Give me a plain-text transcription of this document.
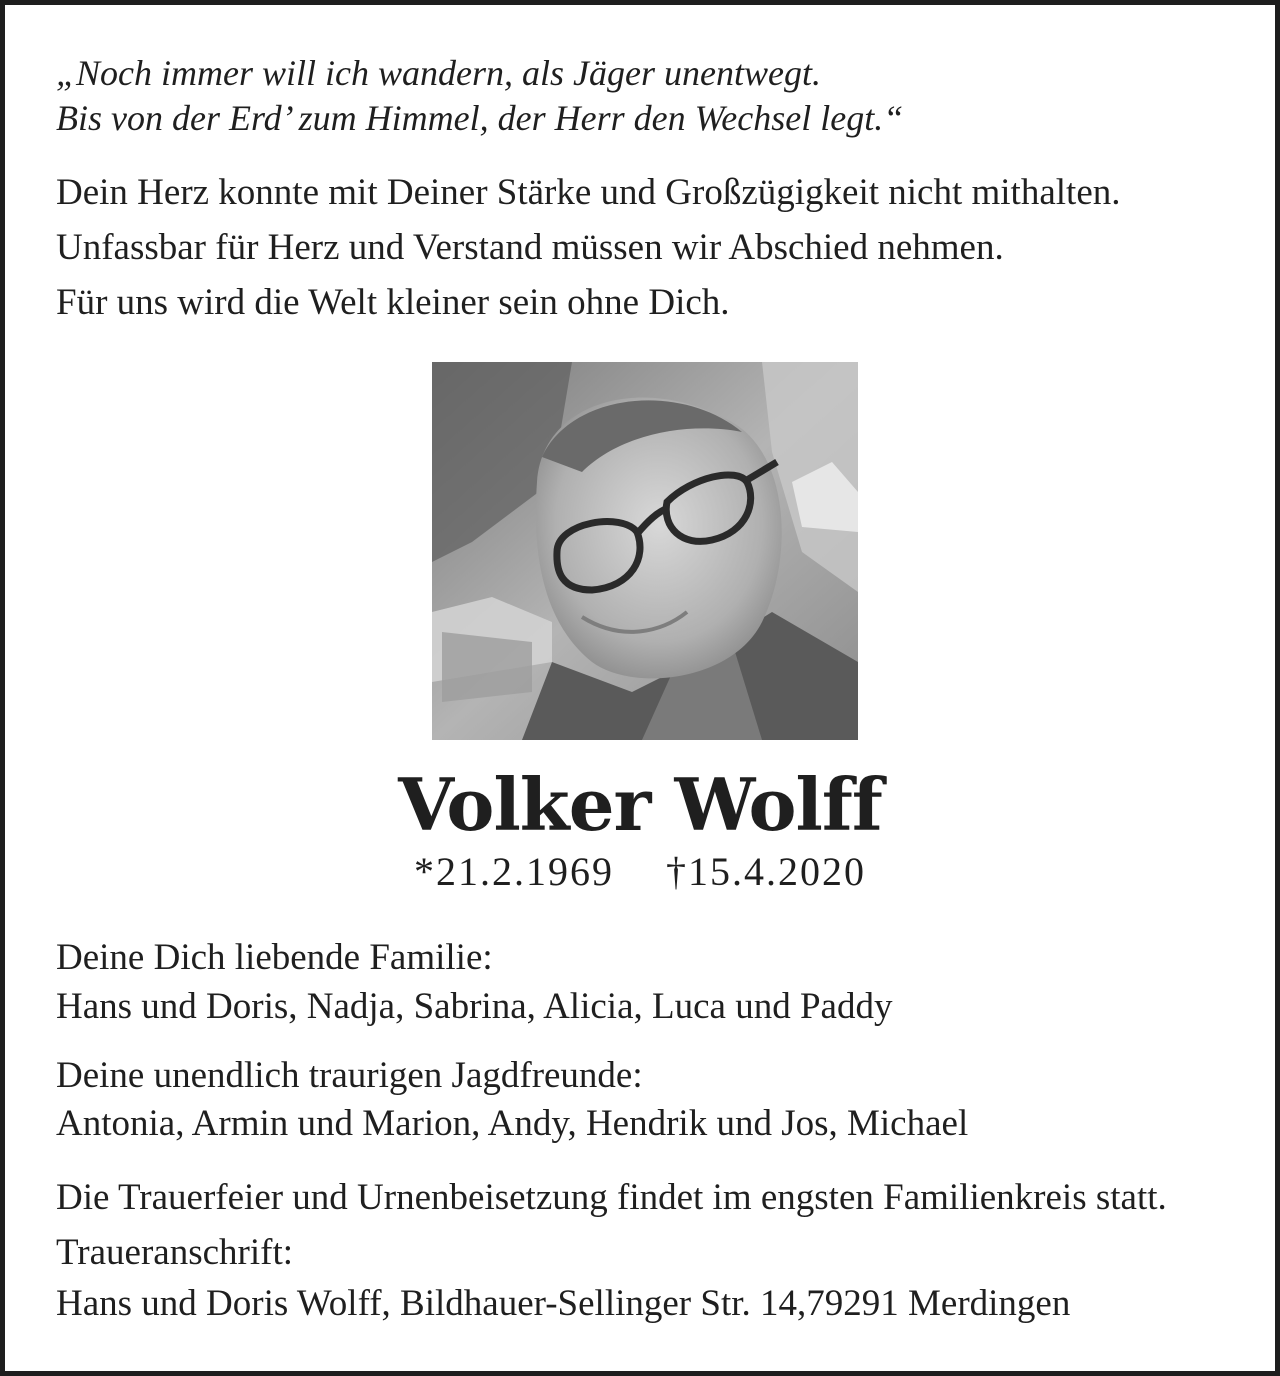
„Noch immer will ich wandern, als Jäger unentwegt.
Bis von der Erd’ zum Himmel, der Herr den Wechsel legt.“
Dein Herz konnte mit Deiner Stärke und Großzügigkeit nicht mithalten.
Unfassbar für Herz und Verstand müssen wir Abschied nehmen.
Für uns wird die Welt kleiner sein ohne Dich.
Volker Wolff
*21.2.1969 †15.4.2020
Deine Dich liebende Familie:
Hans und Doris, Nadja, Sabrina, Alicia, Luca und Paddy
Deine unendlich traurigen Jagdfreunde:
Antonia, Armin und Marion, Andy, Hendrik und Jos, Michael
Die Trauerfeier und Urnenbeisetzung findet im engsten Familienkreis statt.
Traueranschrift:
Hans und Doris Wolff, Bildhauer-Sellinger Str. 14,79291 Merdingen
